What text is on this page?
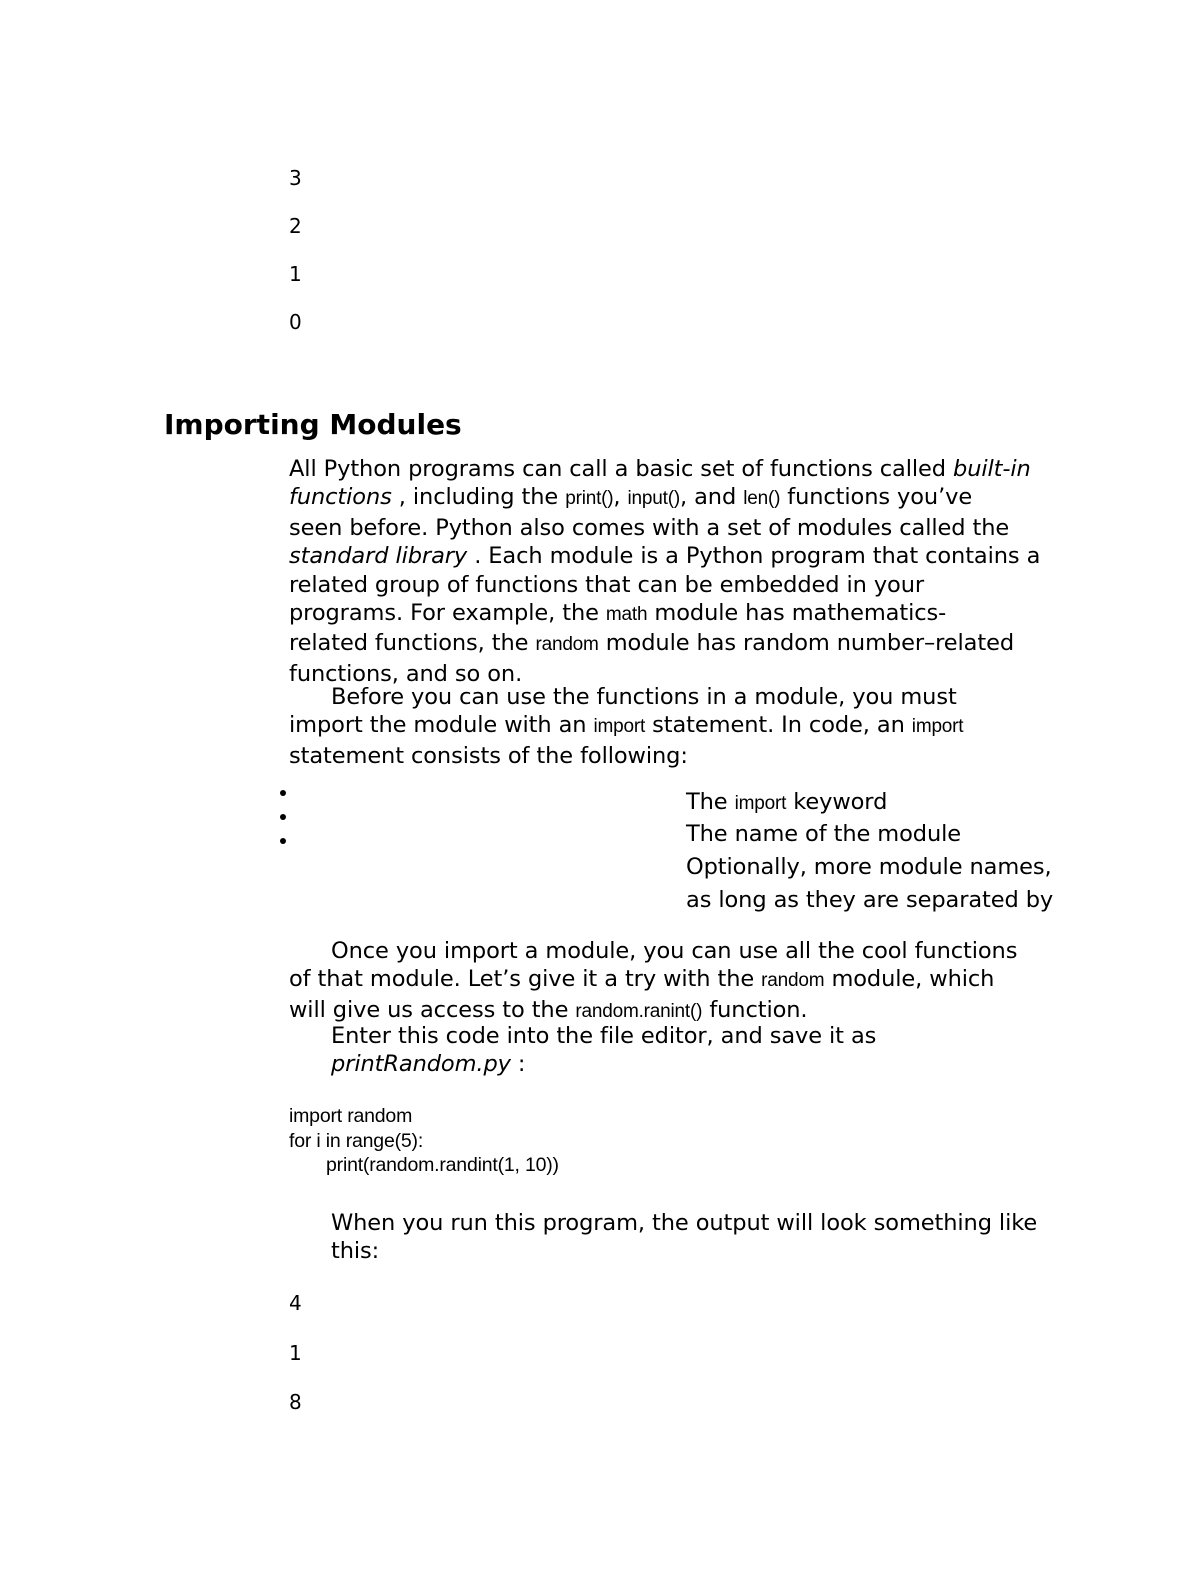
3
2
1
0
Importing Modules
All Python programs can call a basic set of functions called built-in
functions , including the print(), input(), and len() functions you’ve
seen before. Python also comes with a set of modules called the
standard library . Each module is a Python program that contains a
related group of functions that can be embedded in your
programs. For example, the math module has mathematics-
related functions, the random module has random number–related
functions, and so on.
Before you can use the functions in a module, you must
import the module with an import statement. In code, an import
statement consists of the following:
The import keyword
The name of the module
Optionally, more module names,
as long as they are separated by
Once you import a module, you can use all the cool functions
of that module. Let’s give it a try with the random module, which
will give us access to the random.ranint() function.
Enter this code into the file editor, and save it as
printRandom.py :
import random
for i in range(5):
print(random.randint(1, 10))
When you run this program, the output will look something like
this:
4
1
8
